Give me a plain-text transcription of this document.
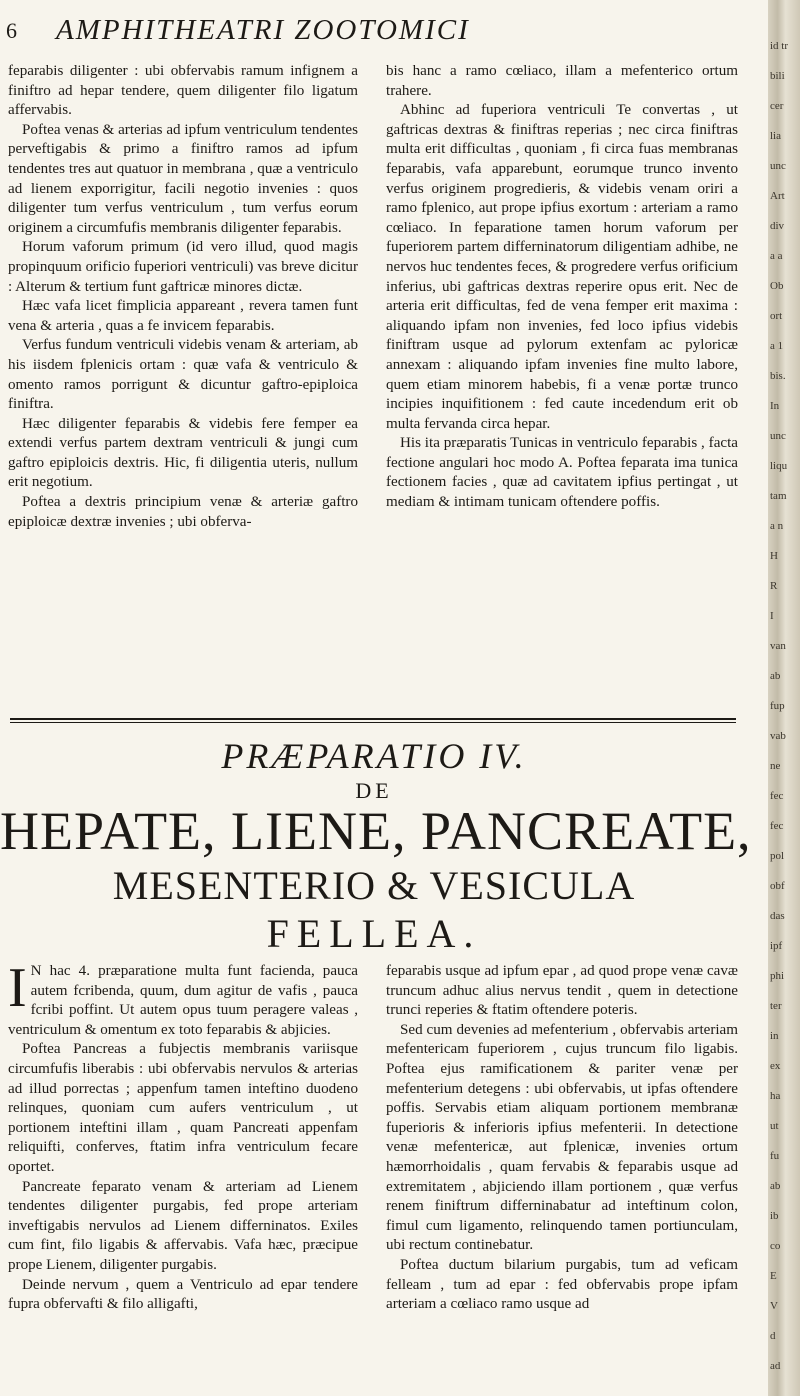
6 AMPHITHEATRI ZOOTOMICI

feparabis diligenter : ubi obfervabis ramum infignem a finiftro ad hepar tendere, quem diligenter filo ligatum affervabis.

Poftea venas & arterias ad ipfum ventriculum tendentes perveftigabis & primo a finiftro ramos ad ipfum tendentes tres aut quatuor in membrana , quæ a ventriculo ad lienem exporrigitur, facili negotio invenies : quos diligenter tum verfus ventriculum , tum verfus eorum originem a circumfufis membranis diligenter feparabis.

Horum vaforum primum (id vero illud, quod magis propinquum orificio fuperiori ventriculi) vas breve dicitur : Alterum & tertium funt gaftricæ minores dictæ.

Hæc vafa licet fimplicia appareant , revera tamen funt vena & arteria , quas a fe invicem feparabis.

Verfus fundum ventriculi videbis venam & arteriam, ab his iisdem fplenicis ortam : quæ vafa & ventriculo & omento ramos porrigunt & dicuntur gaftro-epiploica finiftra.

Hæc diligenter feparabis & videbis fere femper ea extendi verfus partem dextram ventriculi & jungi cum gaftro epiploicis dextris. Hic, fi diligentia uteris, nullum erit negotium.

Poftea a dextris principium venæ & arteriæ gaftro epiploicæ dextræ invenies ; ubi obferva-

bis hanc a ramo cœliaco, illam a mefenterico ortum trahere.

Abhinc ad fuperiora ventriculi Te convertas , ut gaftricas dextras & finiftras reperias ; nec circa finiftras multa erit difficultas , quoniam , fi circa fuas membranas feparabis, vafa apparebunt, eorumque trunco invento verfus originem progredieris, & videbis venam oriri a ramo fplenico, aut prope ipfius exortum : arteriam a ramo cœliaco. In feparatione tamen horum vaforum per fuperiorem partem differninatorum diligentiam adhibe, ne nervos huc tendentes feces, & progredere verfus orificium inferius, ubi gaftricas dextras reperire opus erit. Nec de arteria erit difficultas, fed de vena femper erit maxima : aliquando ipfam non invenies, fed loco ipfius videbis finiftram usque ad pylorum extenfam ac pyloricæ annexam : aliquando ipfam invenies fine multo labore, quem etiam minorem habebis, fi a venæ portæ trunco incipies inquifitionem : fed caute incedendum erit ob multa fervanda circa hepar.

His ita præparatis Tunicas in ventriculo feparabis , facta fectione angulari hoc modo A. Poftea feparata ima tunica fectionem facies , quæ ad cavitatem ipfius pertingat , ut mediam & intimam tunicam oftendere poffis.

PRÆPARATIO IV.
DE
HEPATE, LIENE, PANCREATE,
MESENTERIO & VESICULA
FELLEA.
I N hac 4. præparatione multa funt facienda, pauca autem fcribenda, quum, dum agitur de vafis , pauca fcribi poffint. Ut autem opus tuum peragere valeas , ventriculum & omentum ex toto feparabis & abjicies.

Poftea Pancreas a fubjectis membranis variisque circumfufis liberabis : ubi obfervabis nervulos & arterias ad illud porrectas ; appenfum tamen inteftino duodeno relinques, quoniam cum aufers ventriculum , ut portionem inteftini illam , quam Pancreati appenfam reliquifti, conferves, ftatim infra ventriculum fecare oportet.

Pancreate feparato venam & arteriam ad Lienem tendentes diligenter purgabis, fed prope arteriam inveftigabis nervulos ad Lienem differninatos. Exiles cum fint, filo ligabis & affervabis. Vafa hæc, præcipue prope Lienem, diligenter purgabis.

Deinde nervum , quem a Ventriculo ad epar tendere fupra obfervafti & filo alligafti,

feparabis usque ad ipfum epar , ad quod prope venæ cavæ truncum adhuc alius nervus tendit , quem in detectione trunci reperies & ftatim oftendere poteris.

Sed cum devenies ad mefenterium , obfervabis arteriam mefentericam fuperiorem , cujus truncum filo ligabis. Poftea ejus ramificationem & pariter venæ per mefenterium detegens : ubi obfervabis, ut ipfas oftendere poffis. Servabis etiam aliquam portionem membranæ fuperioris & inferioris ipfius mefenterii. In detectione venæ mefentericæ, aut fplenicæ, invenies ortum hæmorrhoidalis , quam fervabis & feparabis usque ad extremitatem , abjiciendo illam portionem , quæ verfus renem finiftrum differninabatur ad inteftinum colon, fimul cum ligamento, relinquendo tamen portiunculam, ubi rectum continebatur.

Poftea ductum bilarium purgabis, tum ad veficam felleam , tum ad epar : fed obfervabis prope ipfam arteriam a cœliaco ramo usque ad

id tr
bili
cer
lia
unc
Art
div
a a
Ob
ort
a 1
bis.
In
unc
liqu
tam
a n
H
R
I
van
ab
fup
vab
ne
fec
fec
pol
obf
das
ipf
phi
ter
in
ex
ha
ut
fu
ab
ib
co
E
V
d
ad
